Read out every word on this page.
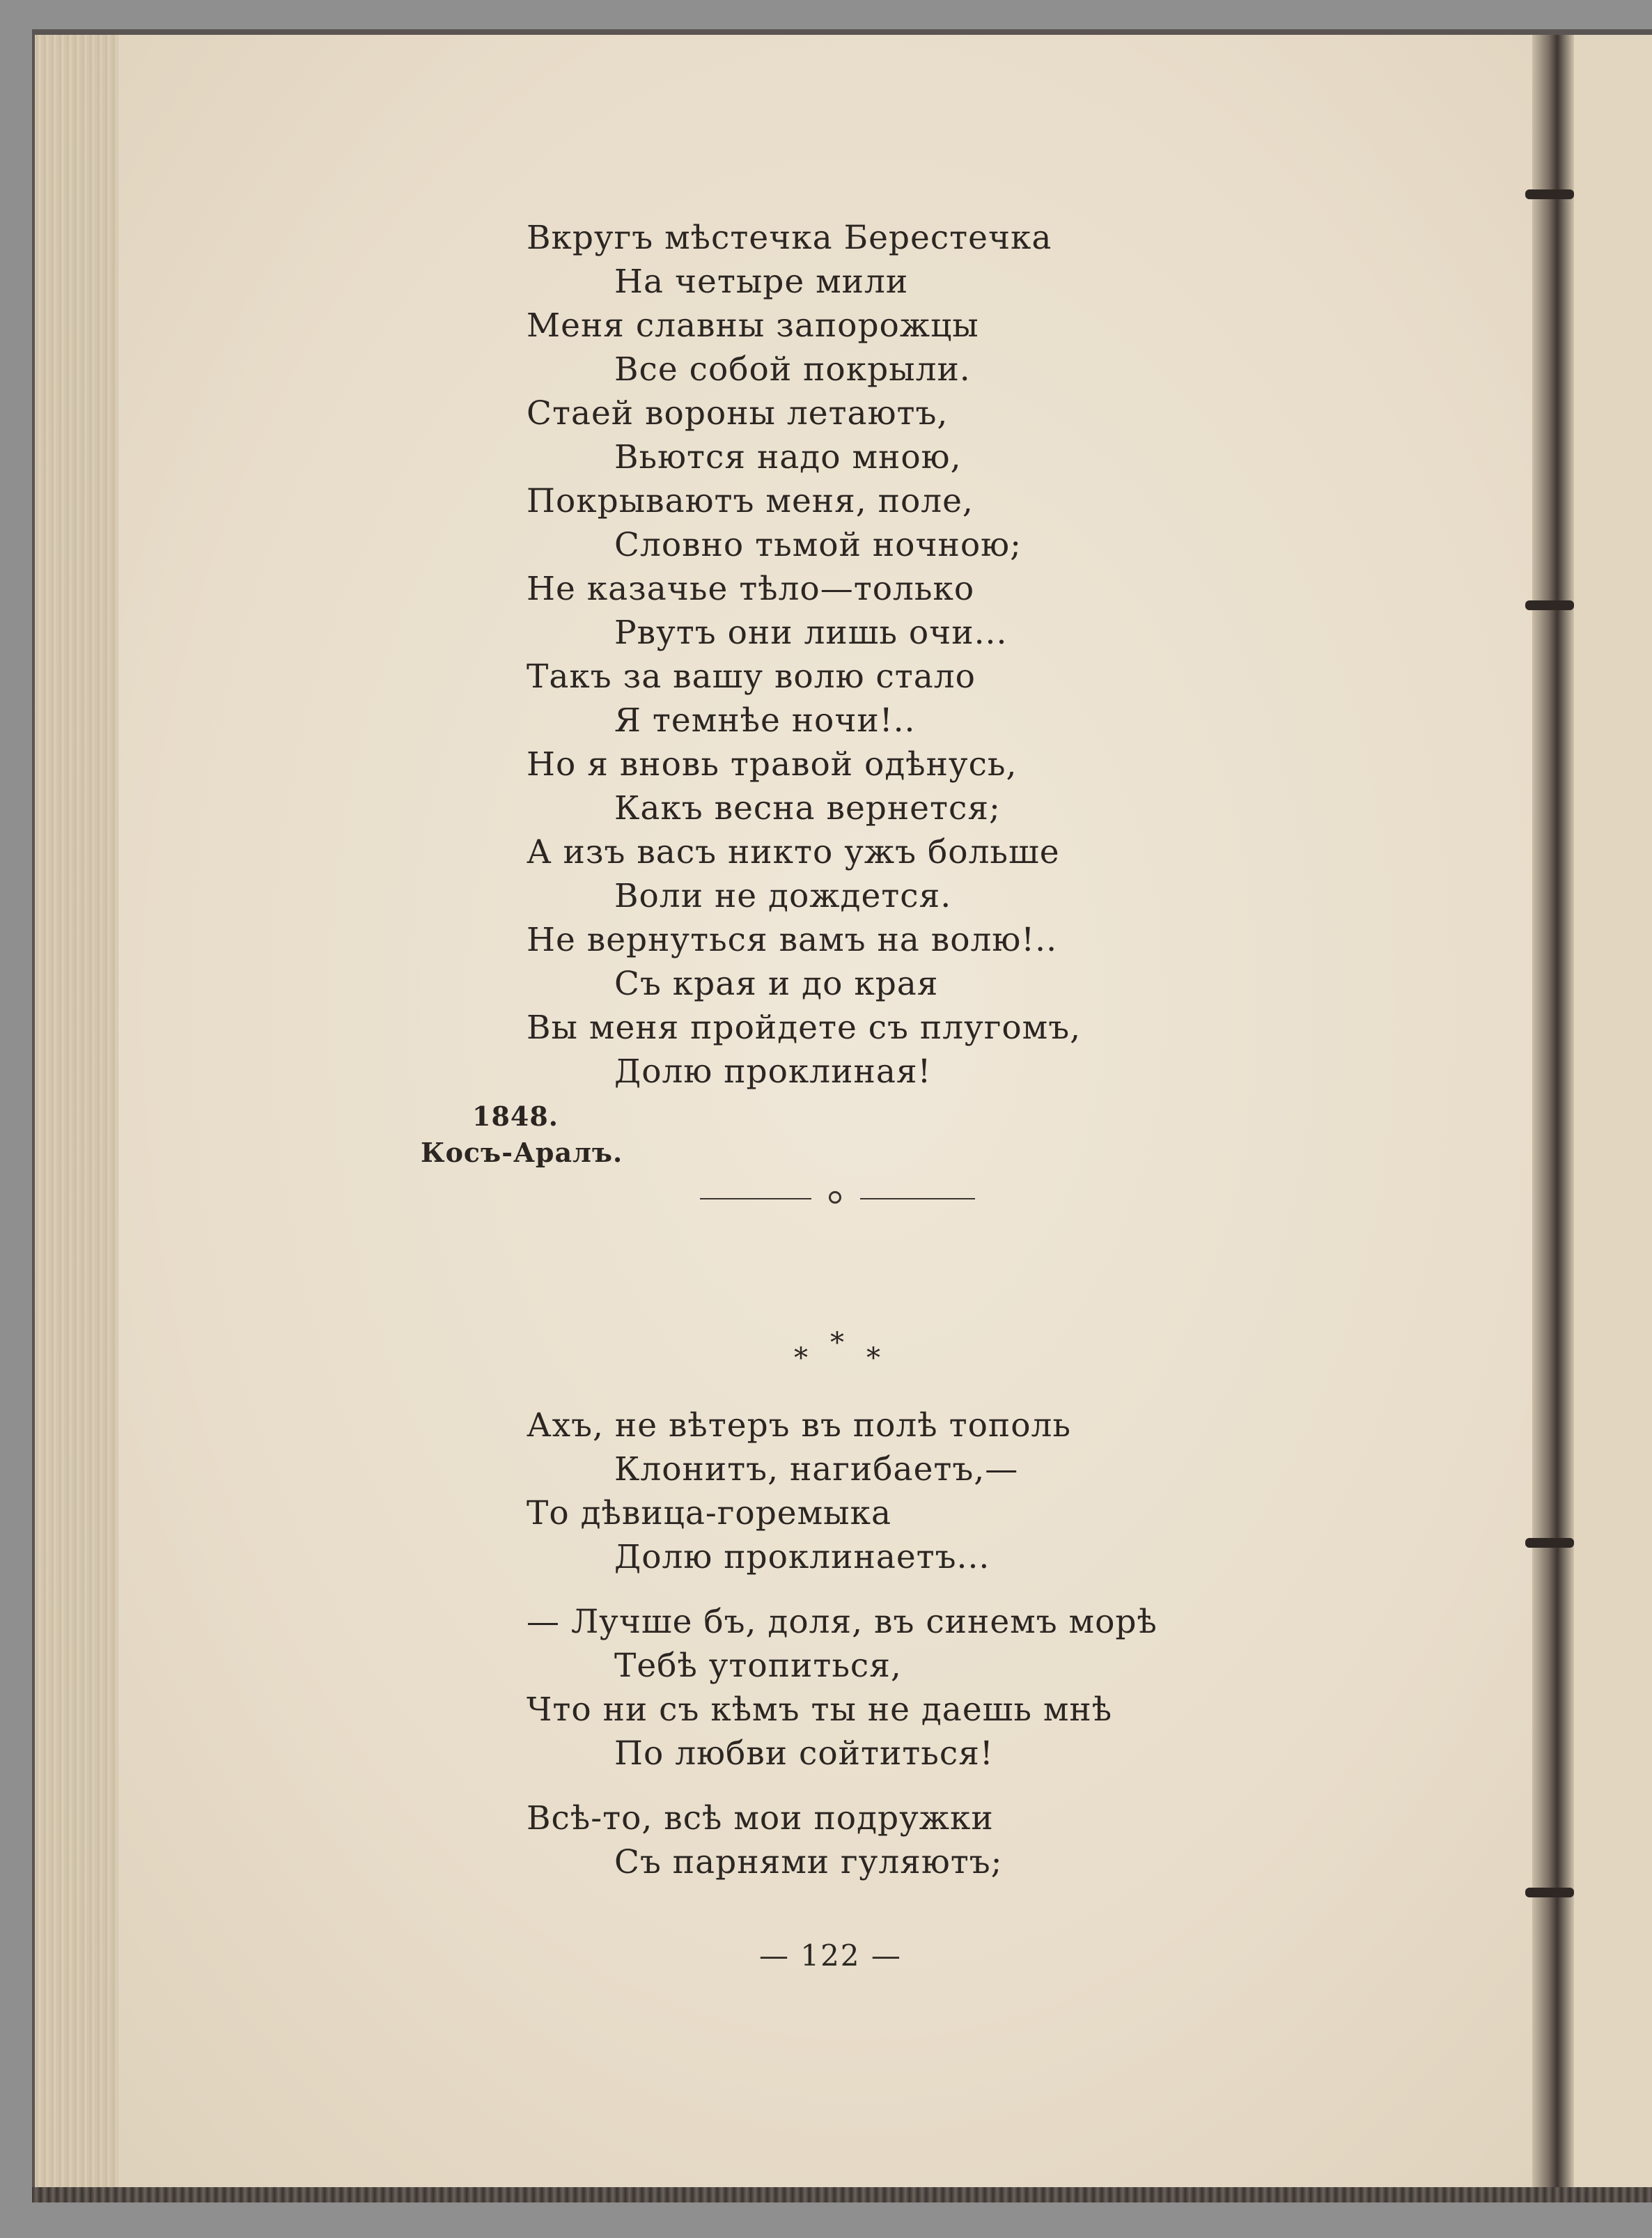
Вкругъ мѣстечка Берестечка
На четыре мили
Меня славны запорожцы
Все собой покрыли.
Стаей вороны летаютъ,
Вьются надо мною,
Покрываютъ меня, поле,
Словно тьмой ночною;
Не казачье тѣло—только
Рвутъ они лишь очи...
Такъ за вашу волю стало
Я темнѣе ночи!..
Но я вновь травой одѣнусь,
Какъ весна вернется;
А изъ васъ никто ужъ больше
Воли не дождется.
Не вернуться вамъ на волю!..
Съ края и до края
Вы меня пройдете съ плугомъ,
Долю проклиная!
1848.
Косъ-Аралъ.
*
* *
Ахъ, не вѣтеръ въ полѣ тополь
Клонитъ, нагибаетъ,—
То дѣвица-горемыка
Долю проклинаетъ...
— Лучше бъ, доля, въ синемъ морѣ
Тебѣ утопиться,
Что ни съ кѣмъ ты не даешь мнѣ
По любви сойтиться!
Всѣ-то, всѣ мои подружки
Съ парнями гуляютъ;
— 122 —
